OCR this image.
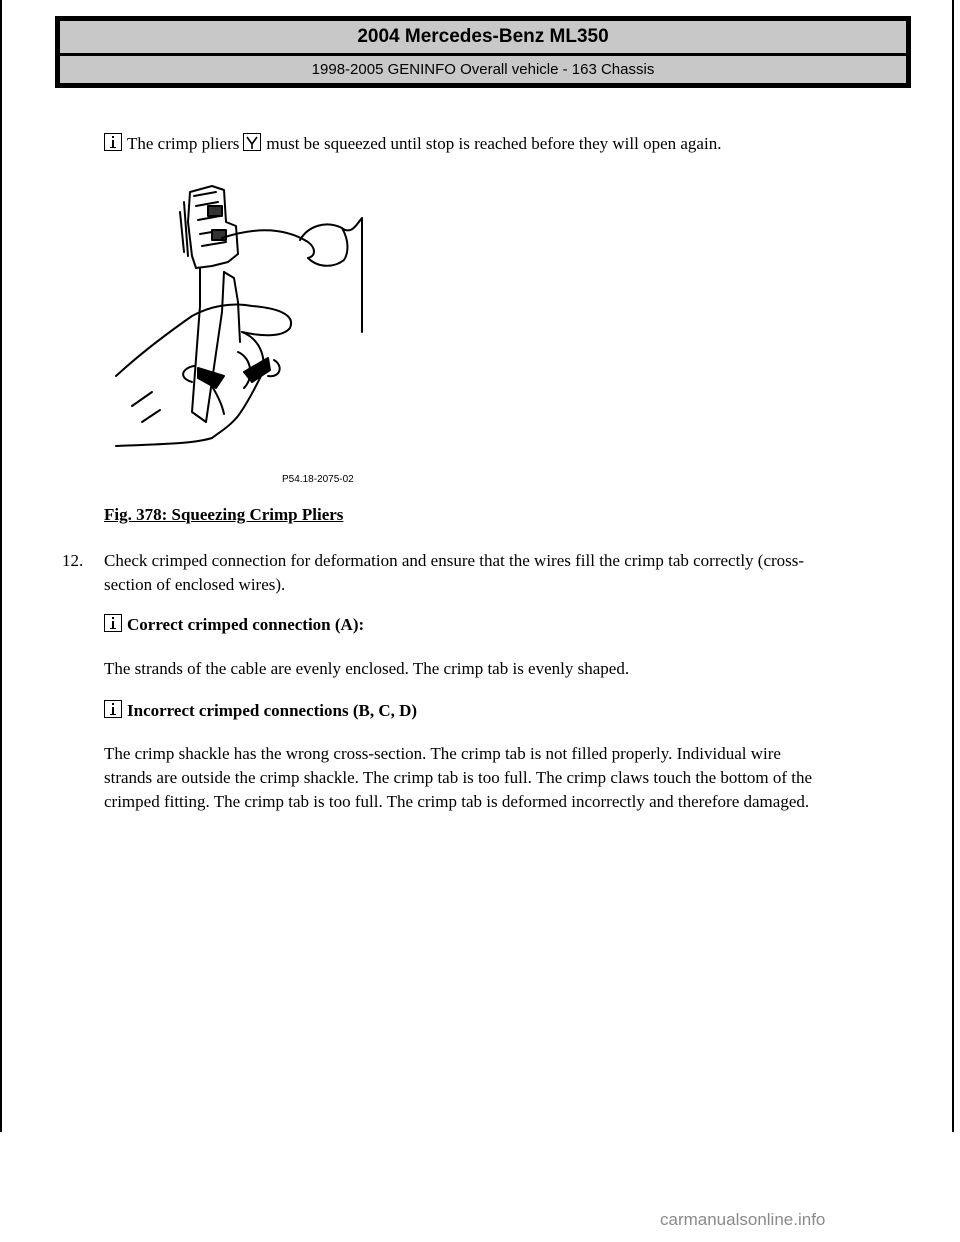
2004 Mercedes-Benz ML350
1998-2005 GENINFO Overall vehicle - 163 Chassis
The crimp pliers must be squeezed until stop is reached before they will open again.
P54.18-2075-02
Fig. 378: Squeezing Crimp Pliers
12. Check crimped connection for deformation and ensure that the wires fill the crimp tab correctly (cross-
section of enclosed wires).
Correct crimped connection (A):
The strands of the cable are evenly enclosed. The crimp tab is evenly shaped.
Incorrect crimped connections (B, C, D)
The crimp shackle has the wrong cross-section. The crimp tab is not filled properly. Individual wire
strands are outside the crimp shackle. The crimp tab is too full. The crimp claws touch the bottom of the
crimped fitting. The crimp tab is too full. The crimp tab is deformed incorrectly and therefore damaged.
carmanualsonline.info
